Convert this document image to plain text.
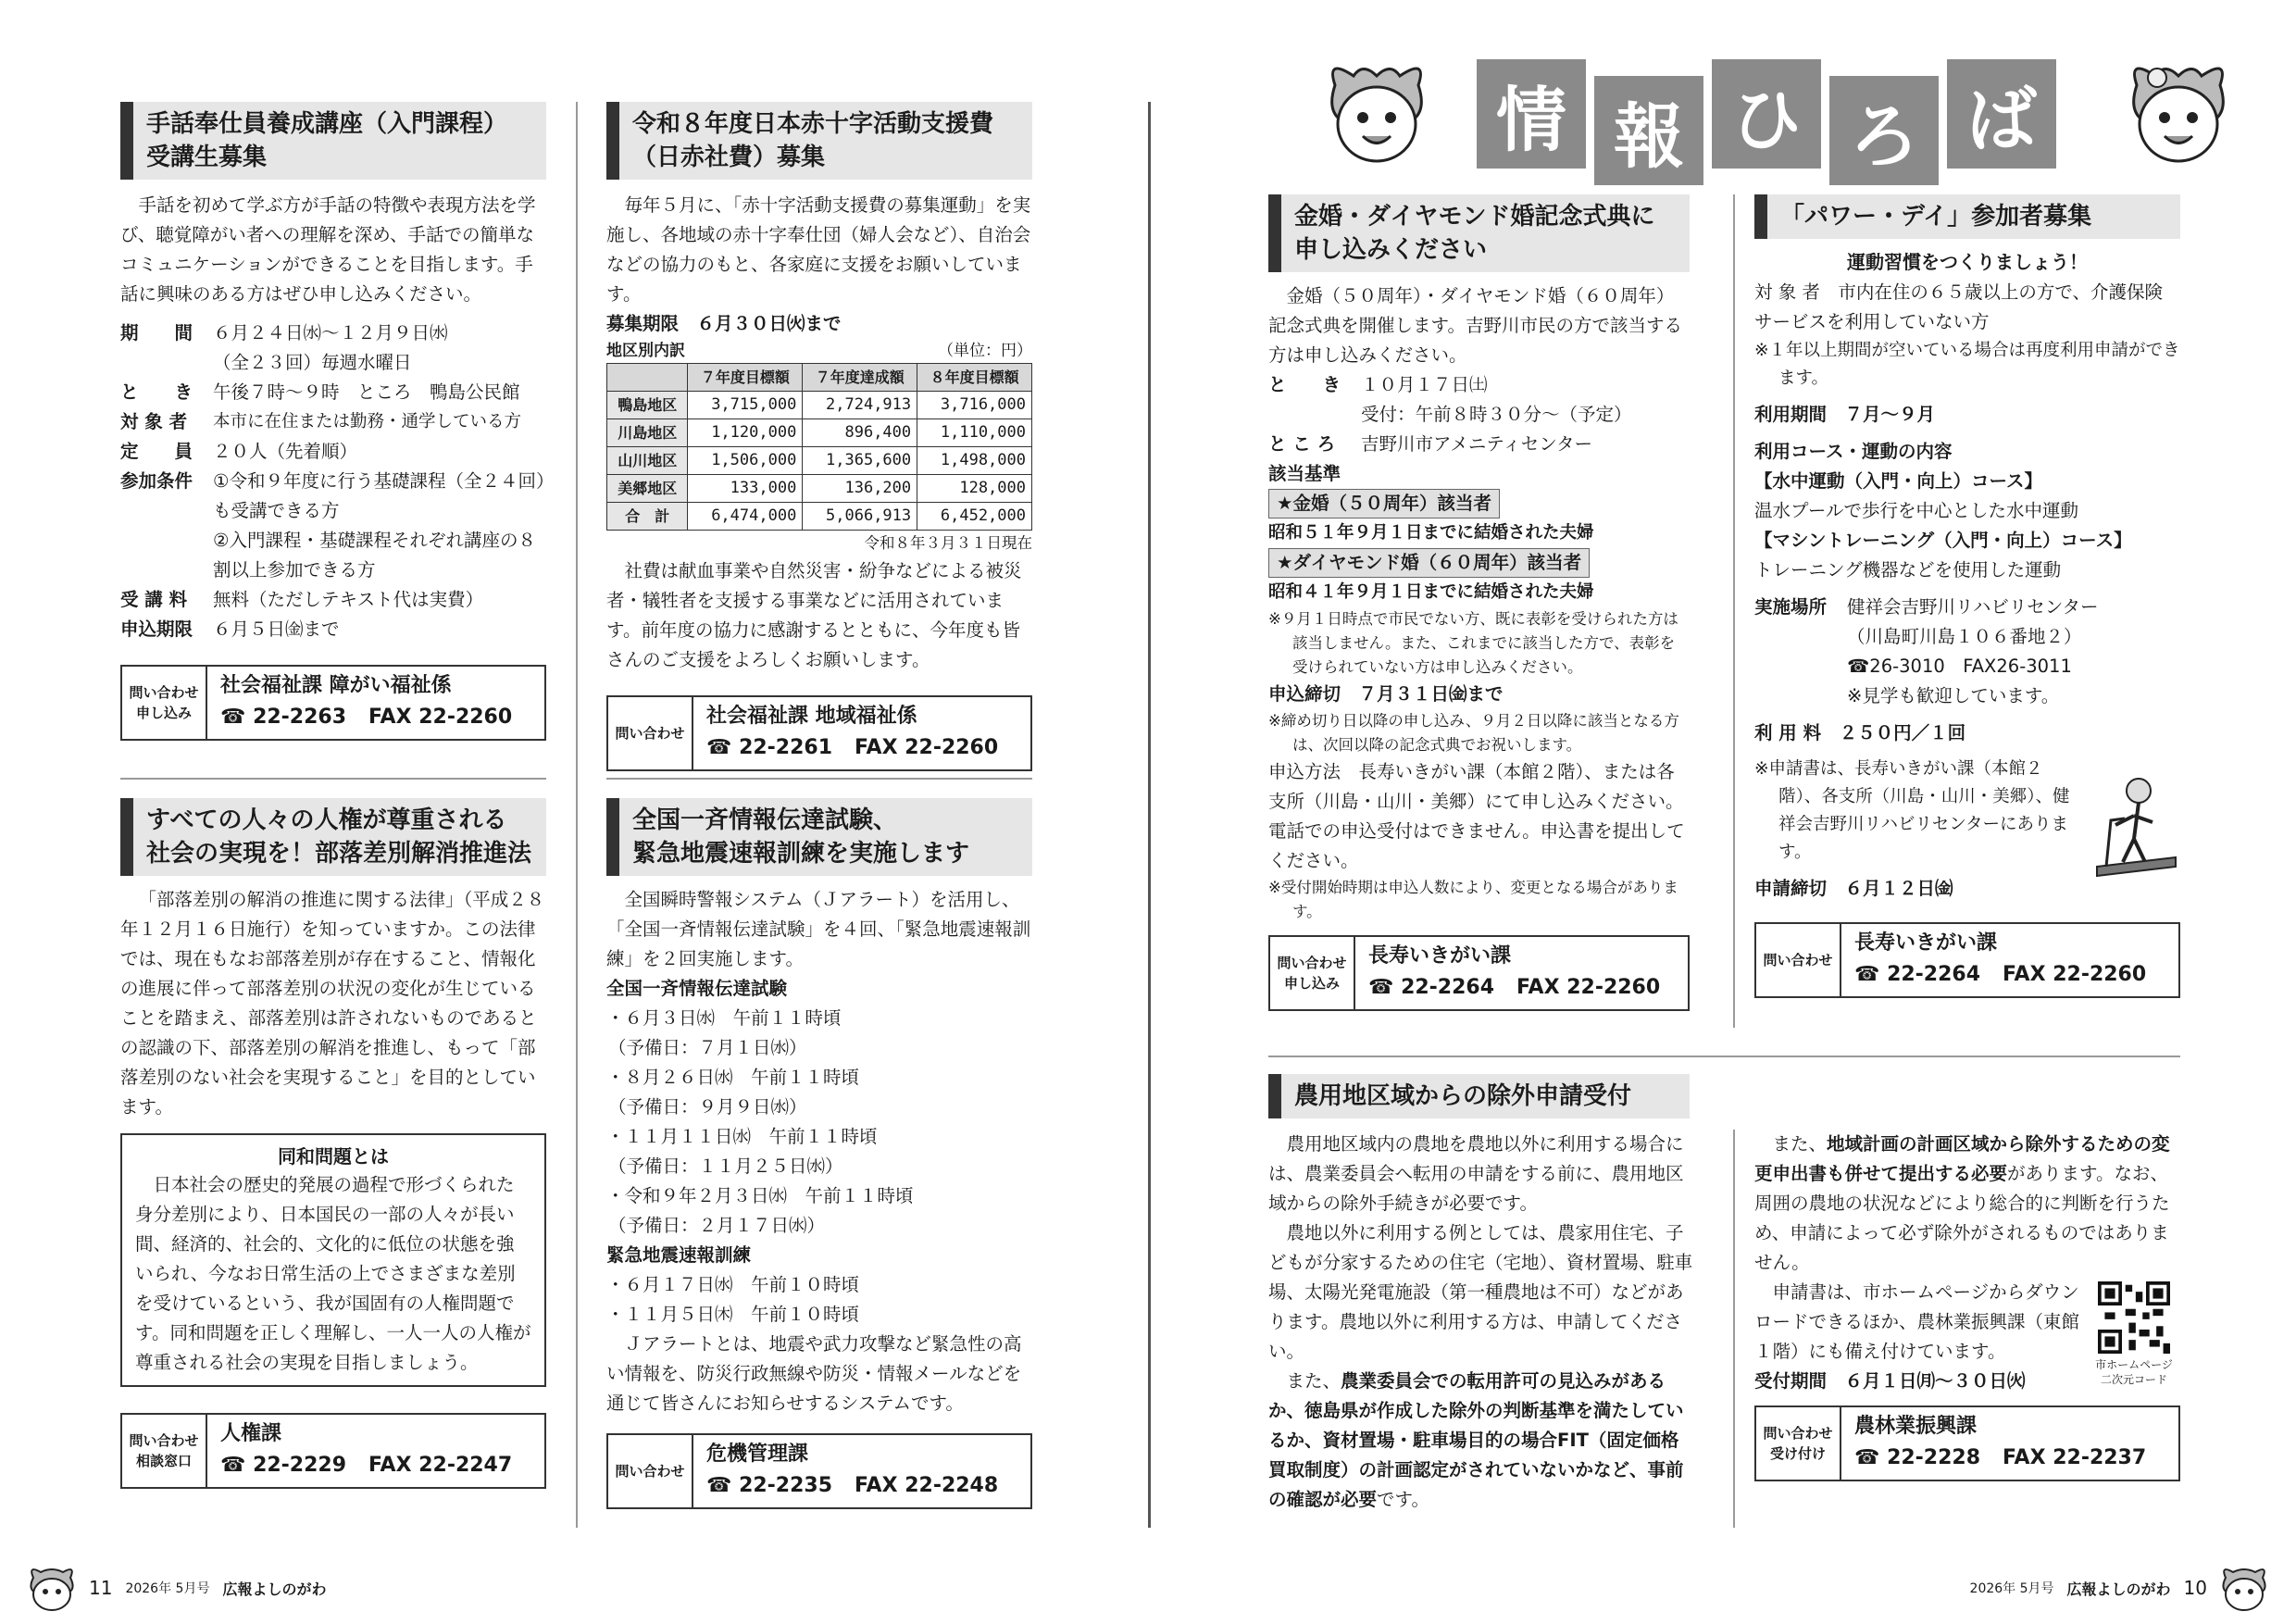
情 報 ひ ろ ば
手話奉仕員養成講座（入門課程）
受講生募集
手話を初めて学ぶ方が手話の特徴や表現方法を学び、聴覚障がい者への理解を深め、手話での簡単なコミュニケーションができることを目指します。手話に興味のある方はぜひ申し込みください。
期　　間	６月２４日㈬～１２月９日㈬
（全２３回）毎週水曜日
と　　き	午後７時～９時　ところ　鴨島公民館
対 象 者	本市に在住または勤務・通学している方
定　　員	２０人（先着順）
参加条件	①令和９年度に行う基礎課程（全２４回）も受講できる方
②入門課程・基礎課程それぞれ講座の８割以上参加できる方
受 講 料	無料（ただしテキスト代は実費）
申込期限	６月５日㈮まで
問い合わせ
申し込み
社会福祉課 障がい福祉係
☎ 22-2263 FAX 22-2260
すべての人々の人権が尊重される
社会の実現を！部落差別解消推進法
「部落差別の解消の推進に関する法律」（平成２８年１２月１６日施行）を知っていますか。この法律では、現在もなお部落差別が存在すること、情報化の進展に伴って部落差別の状況の変化が生じていることを踏まえ、部落差別は許されないものであるとの認識の下、部落差別の解消を推進し、もって「部落差別のない社会を実現すること」を目的としています。
同和問題とは
日本社会の歴史的発展の過程で形づくられた身分差別により、日本国民の一部の人々が長い間、経済的、社会的、文化的に低位の状態を強いられ、今なお日常生活の上でさまざまな差別を受けているという、我が国固有の人権問題です。同和問題を正しく理解し、一人一人の人権が尊重される社会の実現を目指しましょう。
問い合わせ
相談窓口
人権課
☎ 22-2229 FAX 22-2247
令和８年度日本赤十字活動支援費
（日赤社費）募集
毎年５月に、「赤十字活動支援費の募集運動」を実施し、各地域の赤十字奉仕団（婦人会など）、自治会などの協力のもと、各家庭に支援をお願いしています。
募集期限　６月３０日㈫まで
地区別内訳	（単位：円）
	７年度目標額	７年度達成額	８年度目標額
鴨島地区	3,715,000	2,724,913	3,716,000
川島地区	1,120,000	896,400	1,110,000
山川地区	1,506,000	1,365,600	1,498,000
美郷地区	133,000	136,200	128,000
合　計	6,474,000	5,066,913	6,452,000
令和８年３月３１日現在
社費は献血事業や自然災害・紛争などによる被災者・犠牲者を支援する事業などに活用されています。前年度の協力に感謝するとともに、今年度も皆さんのご支援をよろしくお願いします。
問い合わせ
社会福祉課 地域福祉係
☎ 22-2261 FAX 22-2260
全国一斉情報伝達試験、
緊急地震速報訓練を実施します
全国瞬時警報システム（Ｊアラート）を活用し、「全国一斉情報伝達試験」を４回、「緊急地震速報訓練」を２回実施します。
全国一斉情報伝達試験
・６月３日㈬　午前１１時頃
（予備日：７月１日㈬）
・８月２６日㈬　午前１１時頃
（予備日：９月９日㈬）
・１１月１１日㈬　午前１１時頃
（予備日：１１月２５日㈬）
・令和９年２月３日㈬　午前１１時頃
（予備日：２月１７日㈬）
緊急地震速報訓練
・６月１７日㈬　午前１０時頃
・１１月５日㈭　午前１０時頃
Ｊアラートとは、地震や武力攻撃など緊急性の高い情報を、防災行政無線や防災・情報メールなどを通じて皆さんにお知らせするシステムです。
問い合わせ
危機管理課
☎ 22-2235 FAX 22-2248
金婚・ダイヤモンド婚記念式典に
申し込みください
金婚（５０周年）・ダイヤモンド婚（６０周年）記念式典を開催します。吉野川市民の方で該当する方は申し込みください。
と　　き	１０月１７日㈯
受付：午前８時３０分～（予定）
と こ ろ	吉野川市アメニティセンター
該当基準
★金婚（５０周年）該当者
昭和５１年９月１日までに結婚された夫婦
★ダイヤモンド婚（６０周年）該当者
昭和４１年９月１日までに結婚された夫婦
※９月１日時点で市民でない方、既に表彰を受けられた方は該当しません。また、これまでに該当した方で、表彰を受けられていない方は申し込みください。
申込締切　７月３１日㈮まで
※締め切り日以降の申し込み、９月２日以降に該当となる方は、次回以降の記念式典でお祝いします。
申込方法　長寿いきがい課（本館２階）、または各支所（川島・山川・美郷）にて申し込みください。電話での申込受付はできません。申込書を提出してください。
※受付開始時期は申込人数により、変更となる場合があります。
問い合わせ
申し込み
長寿いきがい課
☎ 22-2264 FAX 22-2260
「パワー・デイ」参加者募集
運動習慣をつくりましょう！
対 象 者　市内在住の６５歳以上の方で、介護保険サービスを利用していない方
※１年以上期間が空いている場合は再度利用申請ができます。
利用期間　７月～９月
利用コース・運動の内容
【水中運動（入門・向上）コース】
温水プールで歩行を中心とした水中運動
【マシントレーニング（入門・向上）コース】
トレーニング機器などを使用した運動
実施場所	健祥会吉野川リハビリセンター
（川島町川島１０６番地２）
☎26-3010　FAX26-3011
※見学も歓迎しています。
利 用 料　２５０円／１回
※申請書は、長寿いきがい課（本館２階）、各支所（川島・山川・美郷）、健祥会吉野川リハビリセンターにあります。
申請締切　６月１２日㈮
問い合わせ
長寿いきがい課
☎ 22-2264 FAX 22-2260
農用地区域からの除外申請受付
農用地区域内の農地を農地以外に利用する場合には、農業委員会へ転用の申請をする前に、農用地区域からの除外手続きが必要です。
農地以外に利用する例としては、農家用住宅、子どもが分家するための住宅（宅地）、資材置場、駐車場、太陽光発電施設（第一種農地は不可）などがあります。農地以外に利用する方は、申請してください。
また、農業委員会での転用許可の見込みがあるか、徳島県が作成した除外の判断基準を満たしているか、資材置場・駐車場目的の場合FIT（固定価格買取制度）の計画認定がされていないかなど、事前の確認が必要です。
また、地域計画の計画区域から除外するための変更申出書も併せて提出する必要があります。なお、周囲の農地の状況などにより総合的に判断を行うため、申請によって必ず除外がされるものではありません。
申請書は、市ホームページからダウンロードできるほか、農林業振興課（東館１階）にも備え付けています。
受付期間　６月１日㈪～３０日㈫
市ホームページ
二次元コード
問い合わせ
受け付け
農林業振興課
☎ 22-2228 FAX 22-2237
11 2026年 5月号 広報よしのがわ	2026年 5月号 広報よしのがわ 10
